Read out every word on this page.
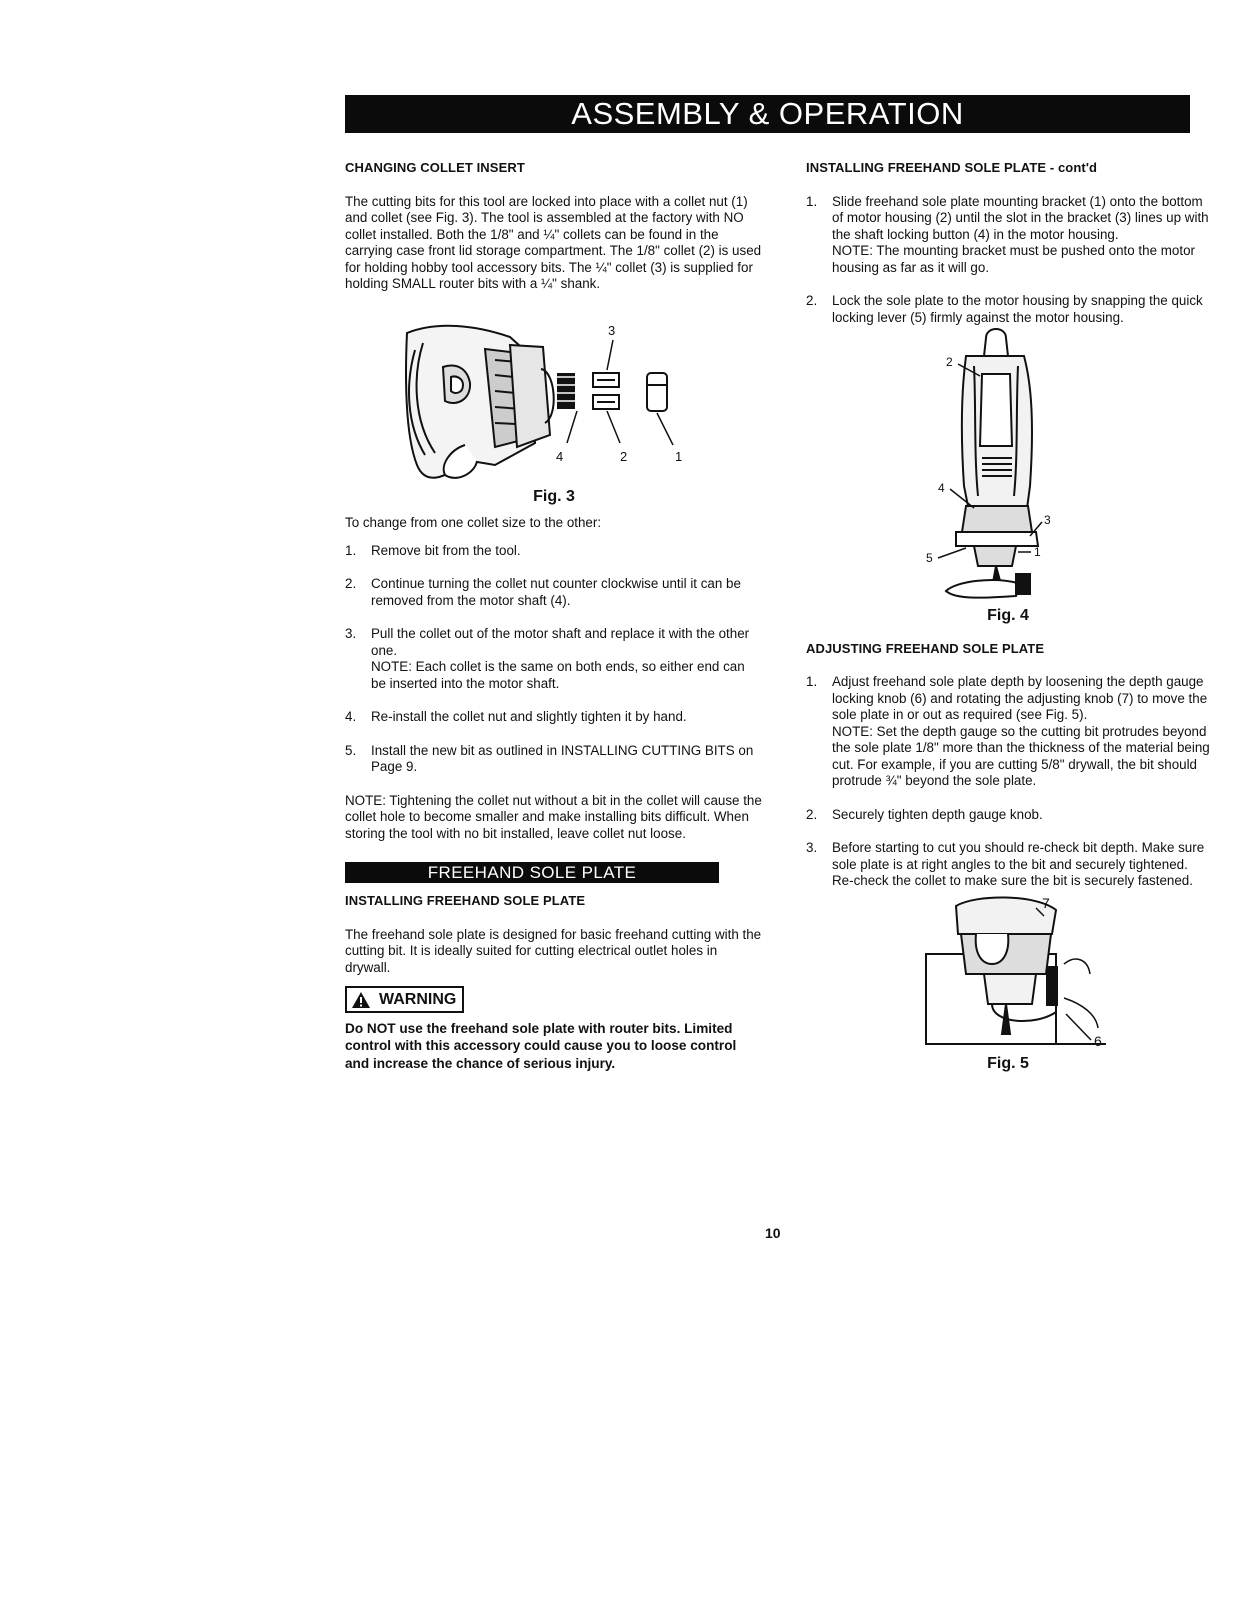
ASSEMBLY & OPERATION
CHANGING COLLET INSERT

The cutting bits for this tool are locked into place with a collet nut (1) and collet (see Fig. 3). The tool is assembled at the factory with NO collet installed. Both the 1/8" and ¼" collets can be found in the carrying case front lid storage compartment. The 1/8" collet (2) is used for holding hobby tool accessory bits. The ¼" collet (3) is supplied for holding SMALL router bits with a ¼" shank.

3
4	2	1

Fig. 3

To change from one collet size to the other:

1.	Remove bit from the tool.
2.	Continue turning the collet nut counter clockwise until it can be removed from the motor shaft (4).
3.	Pull the collet out of the motor shaft and replace it with the other one.
NOTE: Each collet is the same on both ends, so either end can be inserted into the motor shaft.
4.	Re-install the collet nut and slightly tighten it by hand.
5.	Install the new bit as outlined in INSTALLING CUTTING BITS on Page 9.

NOTE: Tightening the collet nut without a bit in the collet will cause the collet hole to become smaller and make installing bits difficult. When storing the tool with no bit installed, leave collet nut loose.

FREEHAND SOLE PLATE
INSTALLING FREEHAND SOLE PLATE

The freehand sole plate is designed for basic freehand cutting with the cutting bit. It is ideally suited for cutting electrical outlet holes in drywall.

WARNING

Do NOT use the freehand sole plate with router bits. Limited control with this accessory could cause you to loose control and increase the chance of serious injury.

INSTALLING FREEHAND SOLE PLATE - cont'd
1.	Slide freehand sole plate mounting bracket (1) onto the bottom of motor housing (2) until the slot in the bracket (3) lines up with the shaft locking button (4) in the motor housing.
NOTE: The mounting bracket must be pushed onto the motor housing as far as it will go.
2.	Lock the sole plate to the motor housing by snapping the quick locking lever (5) firmly against the motor housing.
2
4
3
5	1

Fig. 4

ADJUSTING FREEHAND SOLE PLATE
1.	Adjust freehand sole plate depth by loosening the depth gauge locking knob (6) and rotating the adjusting knob (7) to move the sole plate in or out as required (see Fig. 5).
NOTE: Set the depth gauge so the cutting bit protrudes beyond the sole plate 1/8" more than the thickness of the material being cut. For example, if you are cutting 5/8" drywall, the bit should protrude ¾" beyond the sole plate.
2.	Securely tighten depth gauge knob.
3.	Before starting to cut you should re-check bit depth. Make sure sole plate is at right angles to the bit and securely tightened. Re-check the collet to make sure the bit is securely fastened.
7
6

Fig. 5

10
